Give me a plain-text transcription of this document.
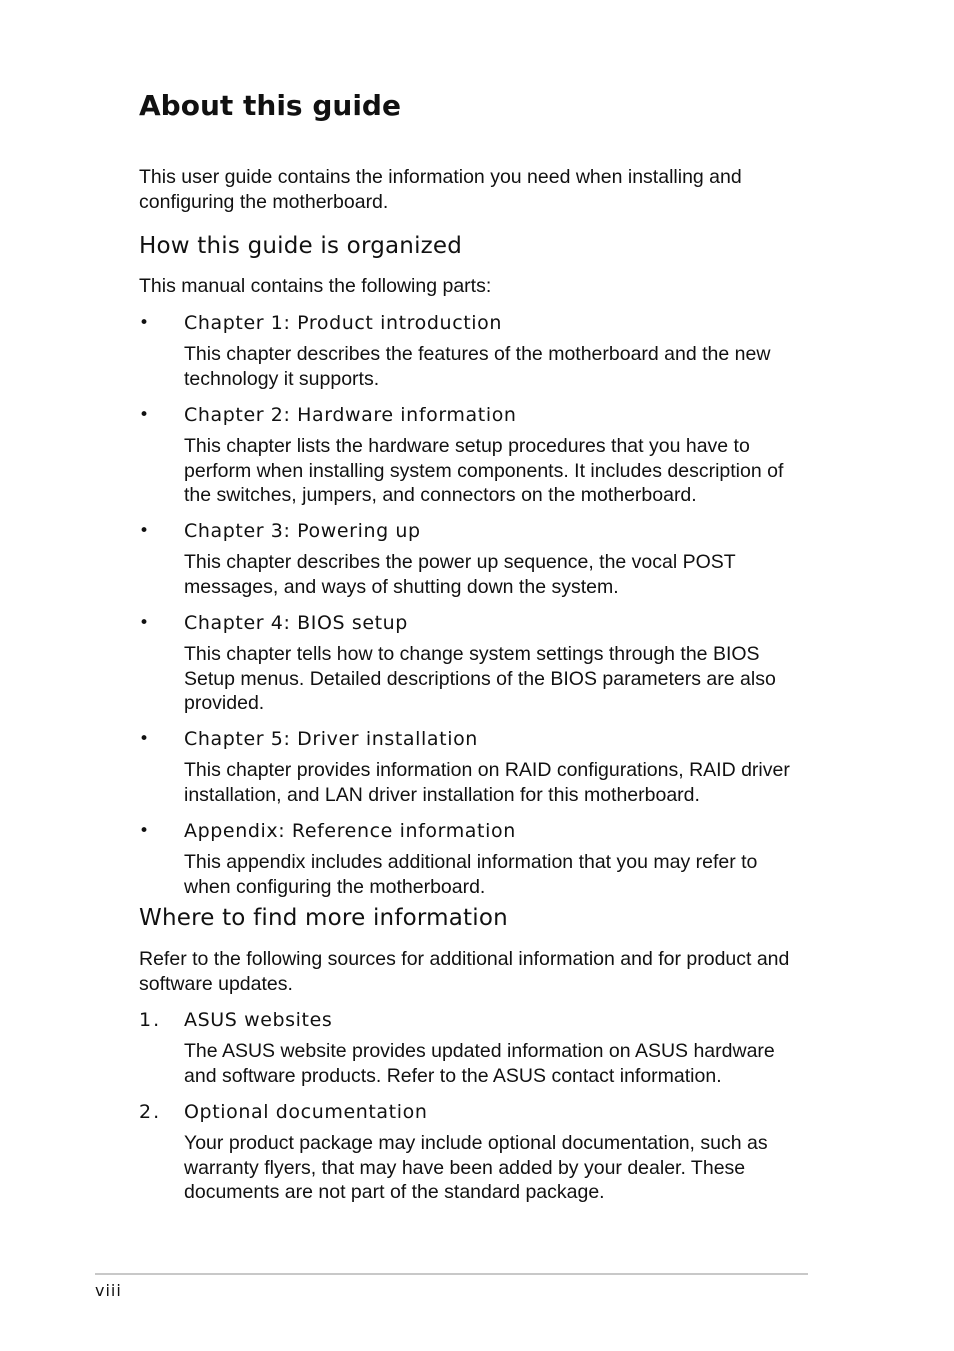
About this guide

This user guide contains the information you need when installing and configuring the motherboard.

How this guide is organized

This manual contains the following parts:

• Chapter 1: Product introduction

This chapter describes the features of the motherboard and the new technology it supports.

• Chapter 2: Hardware information

This chapter lists the hardware setup procedures that you have to perform when installing system components. It includes description of the switches, jumpers, and connectors on the motherboard.

• Chapter 3: Powering up

This chapter describes the power up sequence, the vocal POST messages, and ways of shutting down the system.

• Chapter 4: BIOS setup

This chapter tells how to change system settings through the BIOS Setup menus. Detailed descriptions of the BIOS parameters are also provided.

• Chapter 5: Driver installation

This chapter provides information on RAID configurations, RAID driver installation, and LAN driver installation for this motherboard.

• Appendix: Reference information

This appendix includes additional information that you may refer to when configuring the motherboard.

Where to find more information

Refer to the following sources for additional information and for product and software updates.

1. ASUS websites

The ASUS website provides updated information on ASUS hardware and software products. Refer to the ASUS contact information.

2. Optional documentation

Your product package may include optional documentation, such as warranty flyers, that may have been added by your dealer. These documents are not part of the standard package.

viii
